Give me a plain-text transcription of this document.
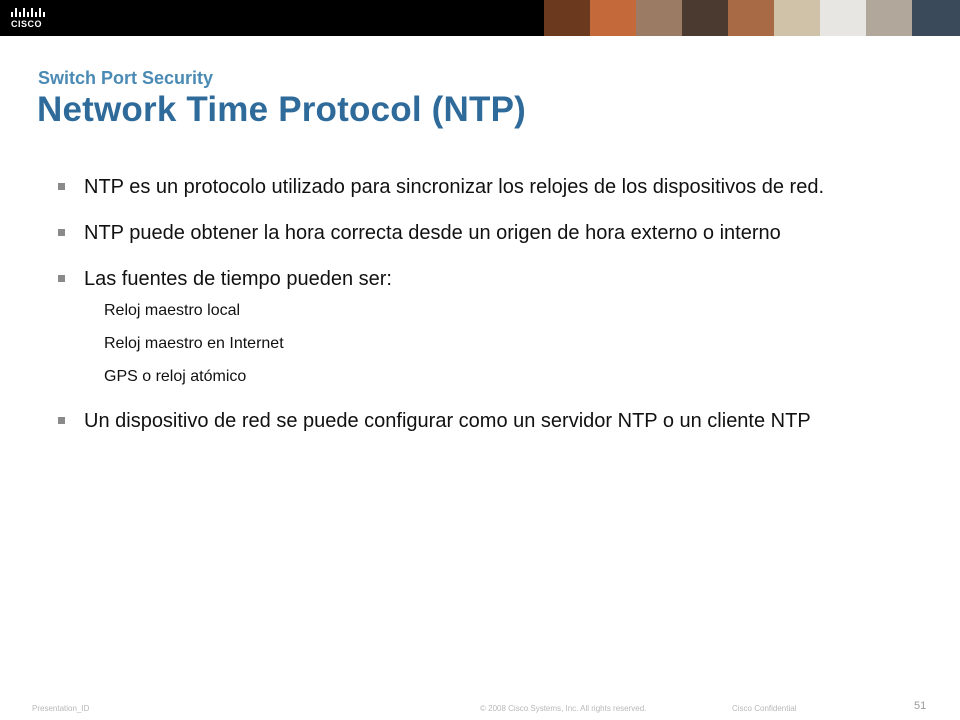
CISCO
Switch Port Security
Network Time Protocol (NTP)
NTP es un protocolo utilizado para sincronizar los relojes de los dispositivos de red.
NTP puede obtener la hora correcta desde un origen de hora externo o interno
Las fuentes de tiempo pueden ser:
Reloj maestro local
Reloj maestro en Internet
GPS o reloj atómico
Un dispositivo de red se puede configurar como un servidor NTP o un cliente NTP
Presentation_ID	© 2008 Cisco Systems, Inc. All rights reserved.	Cisco Confidential	51
